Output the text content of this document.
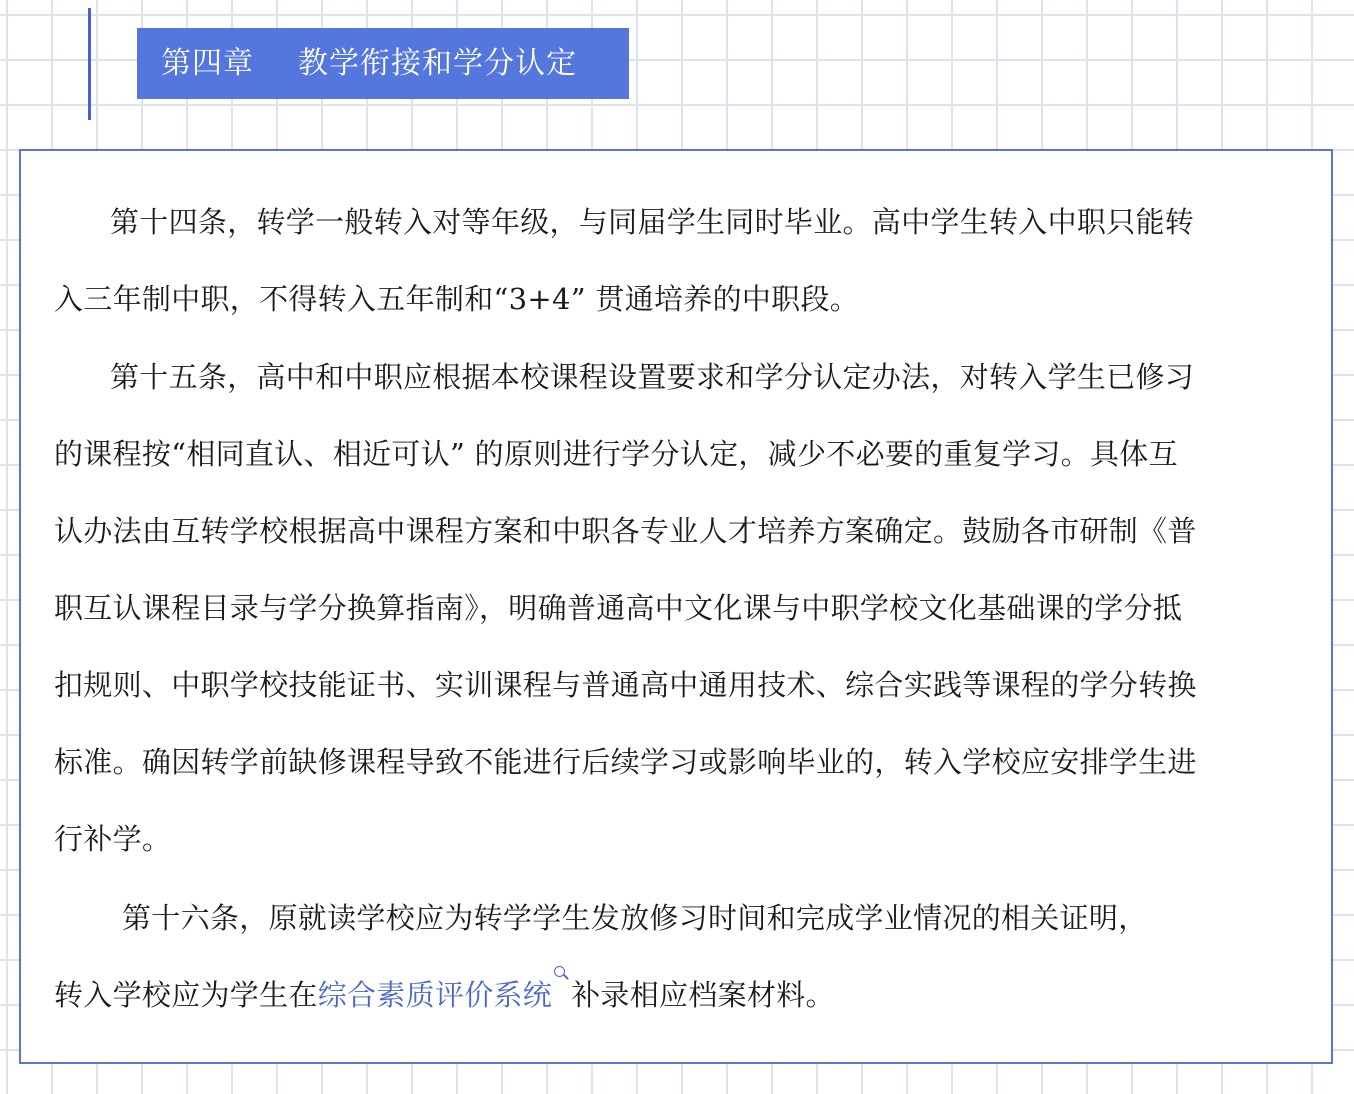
第四章 教学衔接和学分认定

第十四条，转学一般转入对等年级，与同届学生同时毕业。高中学生转入中职只能转
入三年制中职，不得转入五年制和“3+4” 贯通培养的中职段。

第十五条，高中和中职应根据本校课程设置要求和学分认定办法，对转入学生已修习
的课程按“相同直认、相近可认” 的原则进行学分认定，减少不必要的重复学习。具体互
认办法由互转学校根据高中课程方案和中职各专业人才培养方案确定。鼓励各市研制《普
职互认课程目录与学分换算指南》，明确普通高中文化课与中职学校文化基础课的学分抵
扣规则、中职学校技能证书、实训课程与普通高中通用技术、综合实践等课程的学分转换
标准。确因转学前缺修课程导致不能进行后续学习或影响毕业的，转入学校应安排学生进
行补学。

第十六条，原就读学校应为转学学生发放修习时间和完成学业情况的相关证明，
转入学校应为学生在综合素质评价系统 补录相应档案材料。
